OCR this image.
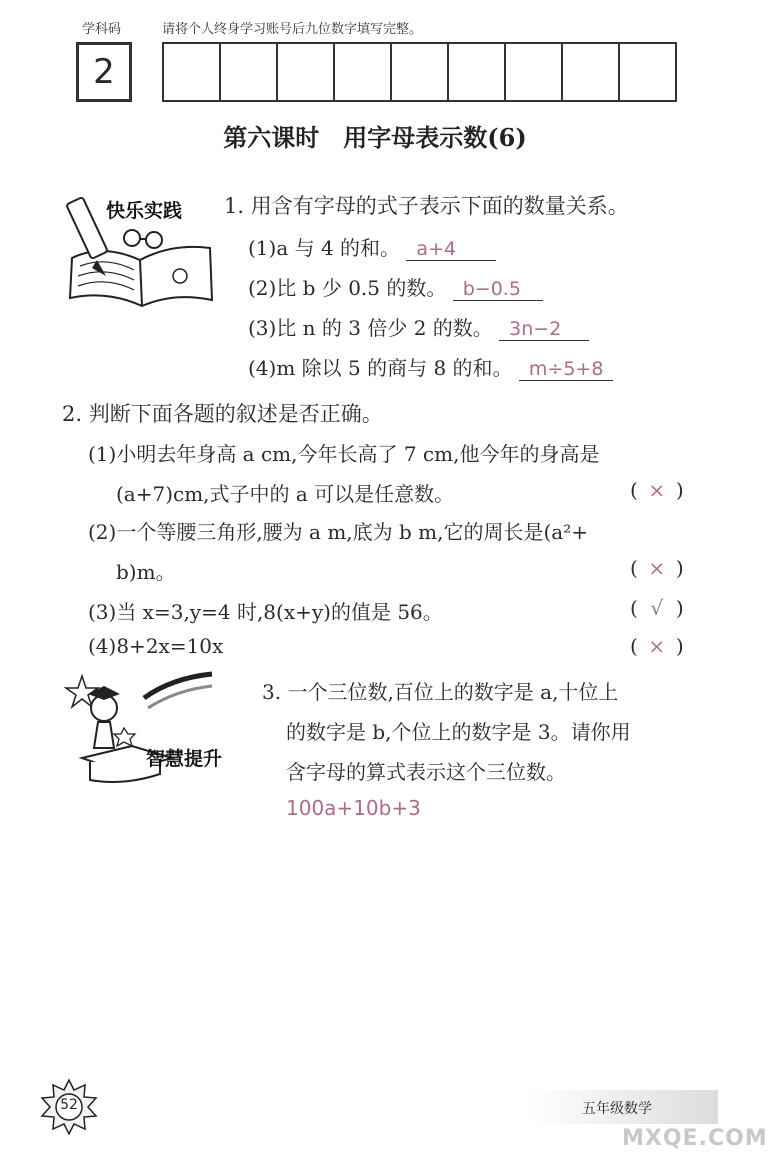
学科码	请将个人终身学习账号后九位数字填写完整。
2
第六课时　用字母表示数(6)
快乐实践 1. 用含有字母的式子表示下面的数量关系。
(1)a 与 4 的和。 a+4
(2)比 b 少 0.5 的数。 b−0.5
(3)比 n 的 3 倍少 2 的数。 3n−2
(4)m 除以 5 的商与 8 的和。 m÷5+8
2. 判断下面各题的叙述是否正确。
(1)小明去年身高 a cm,今年长高了 7 cm,他今年的身高是
(a+7)cm,式子中的 a 可以是任意数。	( × )
(2)一个等腰三角形,腰为 a m,底为 b m,它的周长是(a²+
b)m。	( × )
(3)当 x=3,y=4 时,8(x+y)的值是 56。	( √ )
(4)8+2x=10x	( × )
智慧提升
3. 一个三位数,百位上的数字是 a,十位上
的数字是 b,个位上的数字是 3。请你用
含字母的算式表示这个三位数。
100a+10b+3
52	五年级数学
MXQE.COM
